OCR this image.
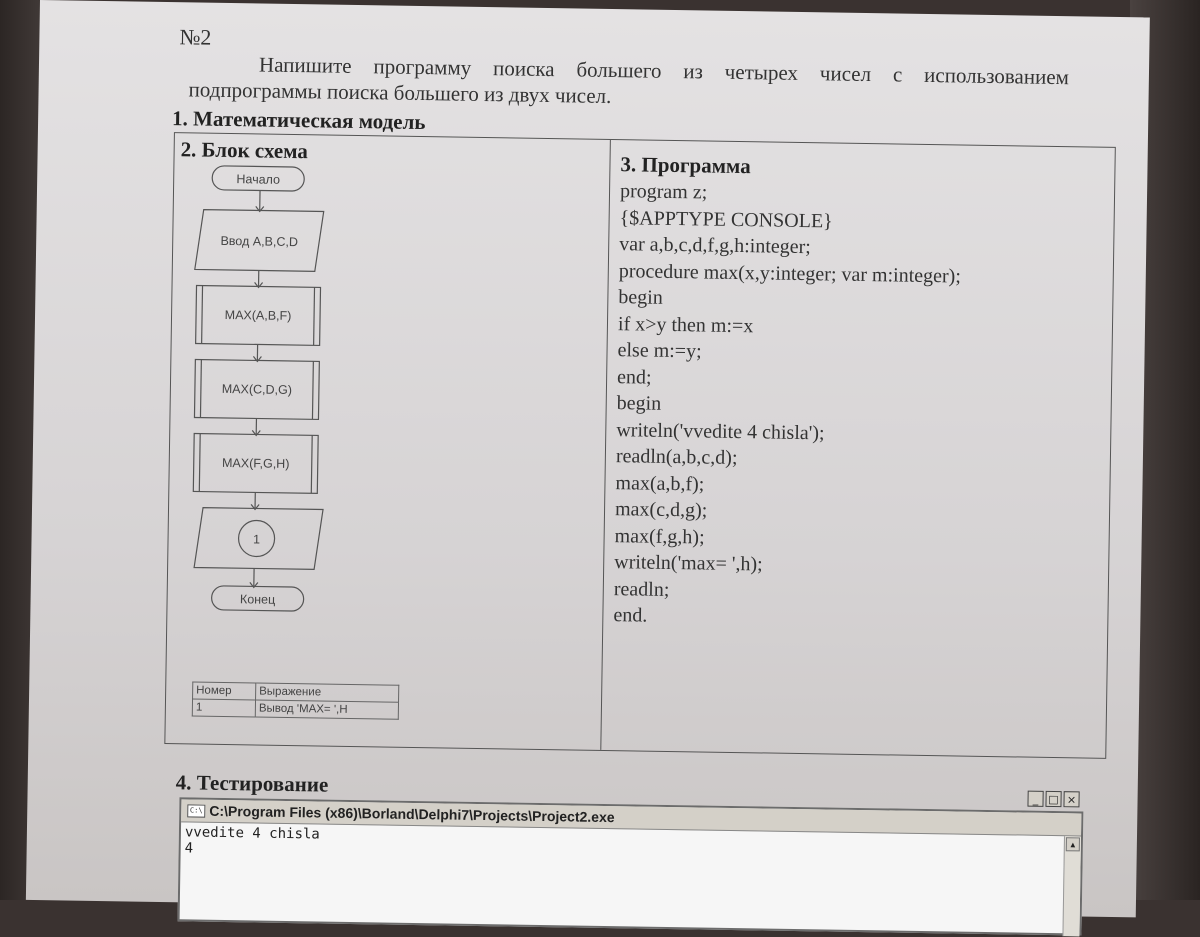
№2
Напишите программу поиска большего из четырех чисел с использованием подпрограммы поиска большего из двух чисел.
1. Математическая модель
2. Блок схема
3. Программа
Начало
Ввод A,B,C,D
MAX(A,B,F)
MAX(C,D,G)
MAX(F,G,H)
1
Конец
Номер	Выражение
1	Вывод 'MAX= ',H
program z;
{$APPTYPE CONSOLE}
var a,b,c,d,f,g,h:integer;
procedure max(x,y:integer; var m:integer);
begin
if x>y then m:=x
else m:=y;
end;
begin
writeln('vvedite 4 chisla');
readln(a,b,c,d);
max(a,b,f);
max(c,d,g);
max(f,g,h);
writeln('max= ',h);
readln;
end.
4. Тестирование
C:\ C:\Program Files (x86)\Borland\Delphi7\Projects\Project2.exe
_ □ ×
vvedite 4 chisla
4	▲
